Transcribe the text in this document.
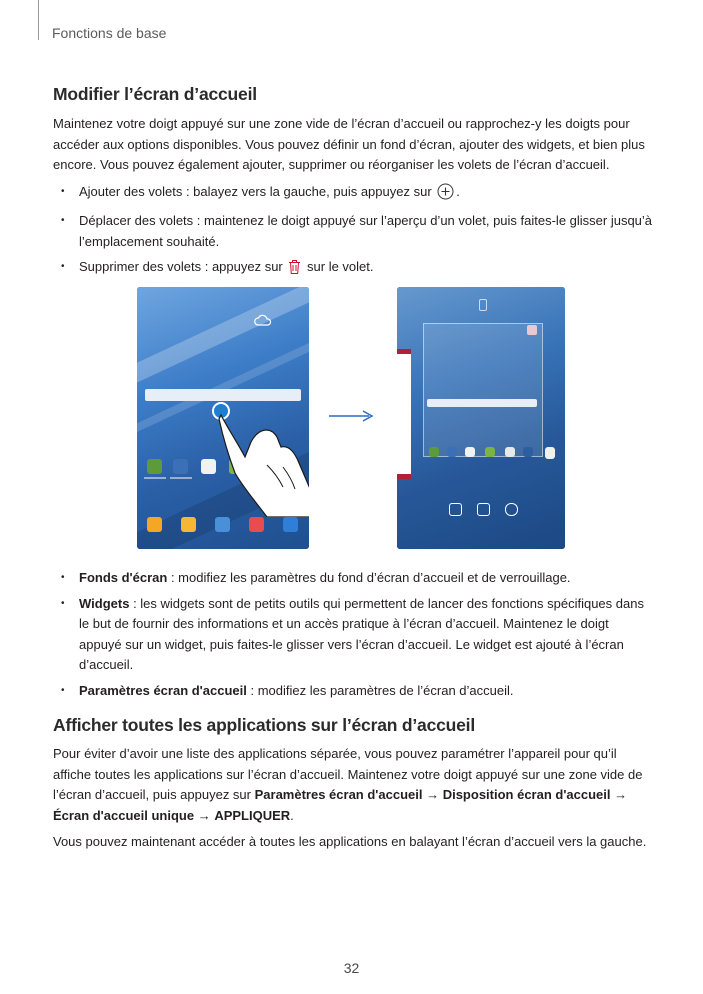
Fonctions de base
Modifier l’écran d’accueil

Maintenez votre doigt appuyé sur une zone vide de l’écran d’accueil ou rapprochez-y les doigts pour accéder aux options disponibles. Vous pouvez définir un fond d’écran, ajouter des widgets, et bien plus encore. Vous pouvez également ajouter, supprimer ou réorganiser les volets de l’écran d’accueil.

• Ajouter des volets : balayez vers la gauche, puis appuyez sur .
• Déplacer des volets : maintenez le doigt appuyé sur l’aperçu d’un volet, puis faites-le glisser jusqu’à l’emplacement souhaité.
• Supprimer des volets : appuyez sur sur le volet.
• Fonds d'écran : modifiez les paramètres du fond d’écran d’accueil et de verrouillage.
• Widgets : les widgets sont de petits outils qui permettent de lancer des fonctions spécifiques dans le but de fournir des informations et un accès pratique à l’écran d’accueil. Maintenez le doigt appuyé sur un widget, puis faites-le glisser vers l’écran d’accueil. Le widget est ajouté à l’écran d’accueil.
• Paramètres écran d'accueil : modifiez les paramètres de l’écran d’accueil.
Afficher toutes les applications sur l’écran d’accueil

Pour éviter d’avoir une liste des applications séparée, vous pouvez paramétrer l’appareil pour qu’il affiche toutes les applications sur l’écran d’accueil. Maintenez votre doigt appuyé sur une zone vide de l’écran d’accueil, puis appuyez sur Paramètres écran d'accueil → Disposition écran d'accueil → Écran d'accueil unique → APPLIQUER.

Vous pouvez maintenant accéder à toutes les applications en balayant l’écran d’accueil vers la gauche.

32
